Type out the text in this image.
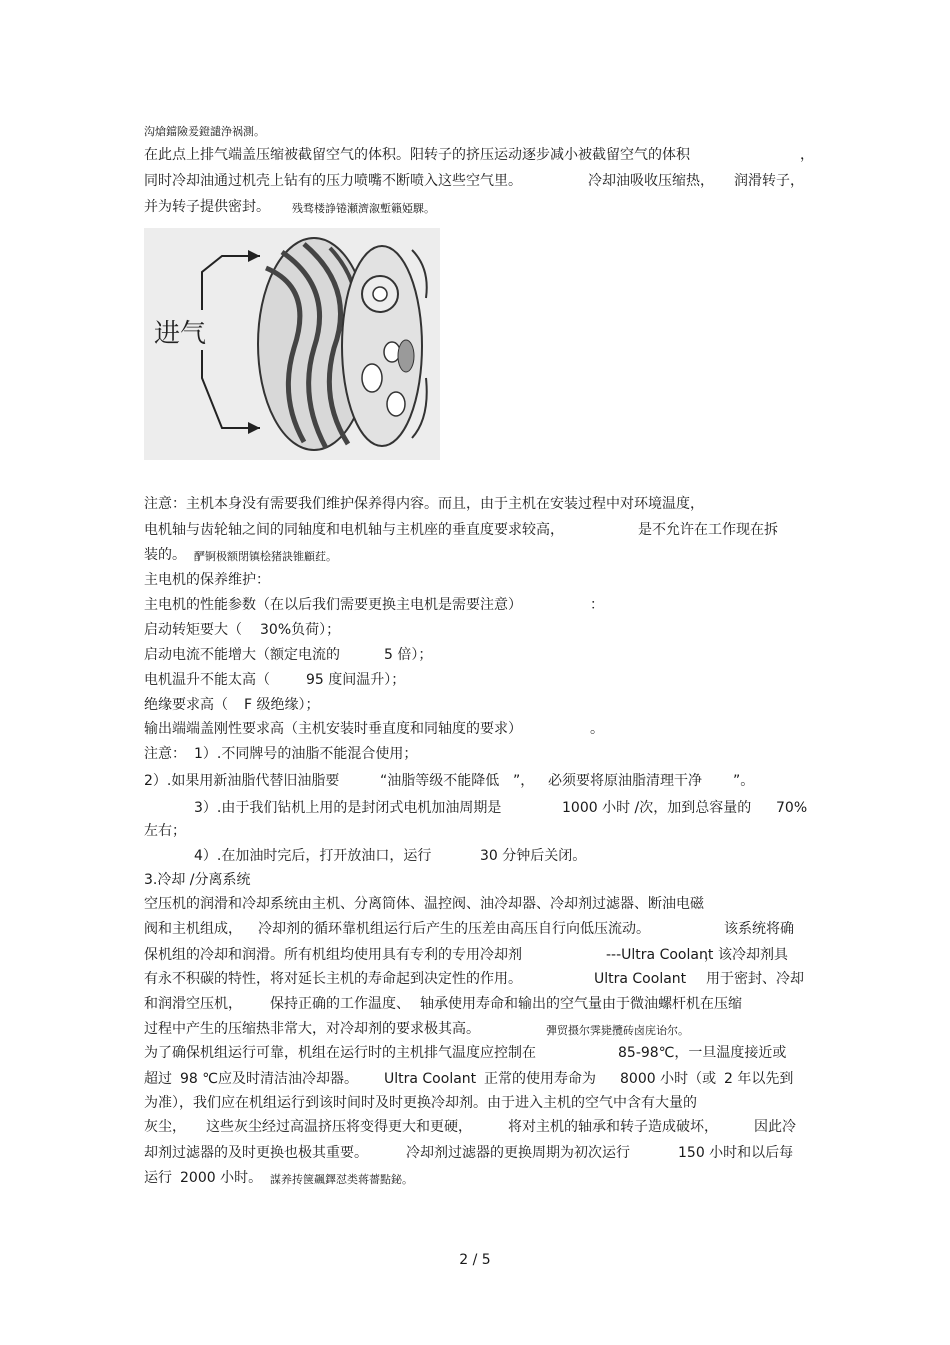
沟熗鐺險爰鐙譴浄祸測。

在此点上排气端盖压缩被截留空气的体积。阳转子的挤压运动逐步减小被截留空气的体积

	，

同时冷却油通过机壳上钻有的压力喷嘴不断喷入这些空气里。

	冷却油吸收压缩热，

润滑转子，

并为转子提供密封。

残骛楼諍锩瀬濟溆塹籟婭騍。

进气

注意：主机本身没有需要我们维护保养得内容。而且，由于主机在安装过程中对环境温度，

电机轴与齿轮轴之间的同轴度和电机轴与主机座的垂直度要求较高，

	是不允许在工作现在拆

装的。

酽锕极额閉镇桧猪訣锥顧荭。

主电机的保养维护：

主电机的性能参数（在以后我们需要更换主电机是需要注意）

	：

启动转矩要大（

30%负荷）；

启动电流不能增大（额定电流的

	5 倍）；

电机温升不能太高（

	95 度间温升）；

绝缘要求高（

F 级绝缘）；

输出端端盖刚性要求高（主机安装时垂直度和同轴度的要求）

	。

注意：

1）.不同牌号的油脂不能混合使用；

2）.如果用新油脂代替旧油脂要

	“油脂等级不能降低

”，

必须要将原油脂清理干净

”。

3）.由于我们钻机上用的是封闭式电机加油周期是

	1000 小时 /次，加到总容量的

70%

左右；

4）.在加油时完后，打开放油口，运行

	30 分钟后关闭。

3.冷却 /分离系统

空压机的润滑和冷却系统由主机、分离筒体、温控阀、油冷却器、冷却剂过滤器、断油电磁

阀和主机组成，

冷却剂的循环靠机组运行后产生的压差由高压自行向低压流动。

	该系统将确

保机组的冷却和润滑。所有机组均使用具有专利的专用冷却剂

	---Ultra Coolant

，该冷却剂具

有永不积碳的特性，将对延长主机的寿命起到决定性的作用。

	Ultra Coolant

用于密封、冷却

和润滑空压机，

保持正确的工作温度、

轴承使用寿命和输出的空气量由于微油螺杆机在压缩

过程中产生的压缩热非常大，对冷却剂的要求极其高。

	彈贸摄尔霁毙攬砖卤庑诒尔。

为了确保机组运行可靠，机组在运行时的主机排气温度应控制在

	85-98℃，一旦温度接近或

超过

98 ℃应及时清洁油冷却器。

Ultra Coolant

正常的使用寿命为

8000 小时（或

2 年以先到

为准），我们应在机组运行到该时间时及时更换冷却剂。由于进入主机的空气中含有大量的

灰尘，

这些灰尘经过高温挤压将变得更大和更硬，

	将对主机的轴承和转子造成破坏，

	因此冷

却剂过滤器的及时更换也极其重要。

	冷却剂过滤器的更换周期为初次运行

	150 小时和以后每

运行

2000 小时。

謀养抟箧飆鐸怼类蒋薔點鉍。

2 / 5
